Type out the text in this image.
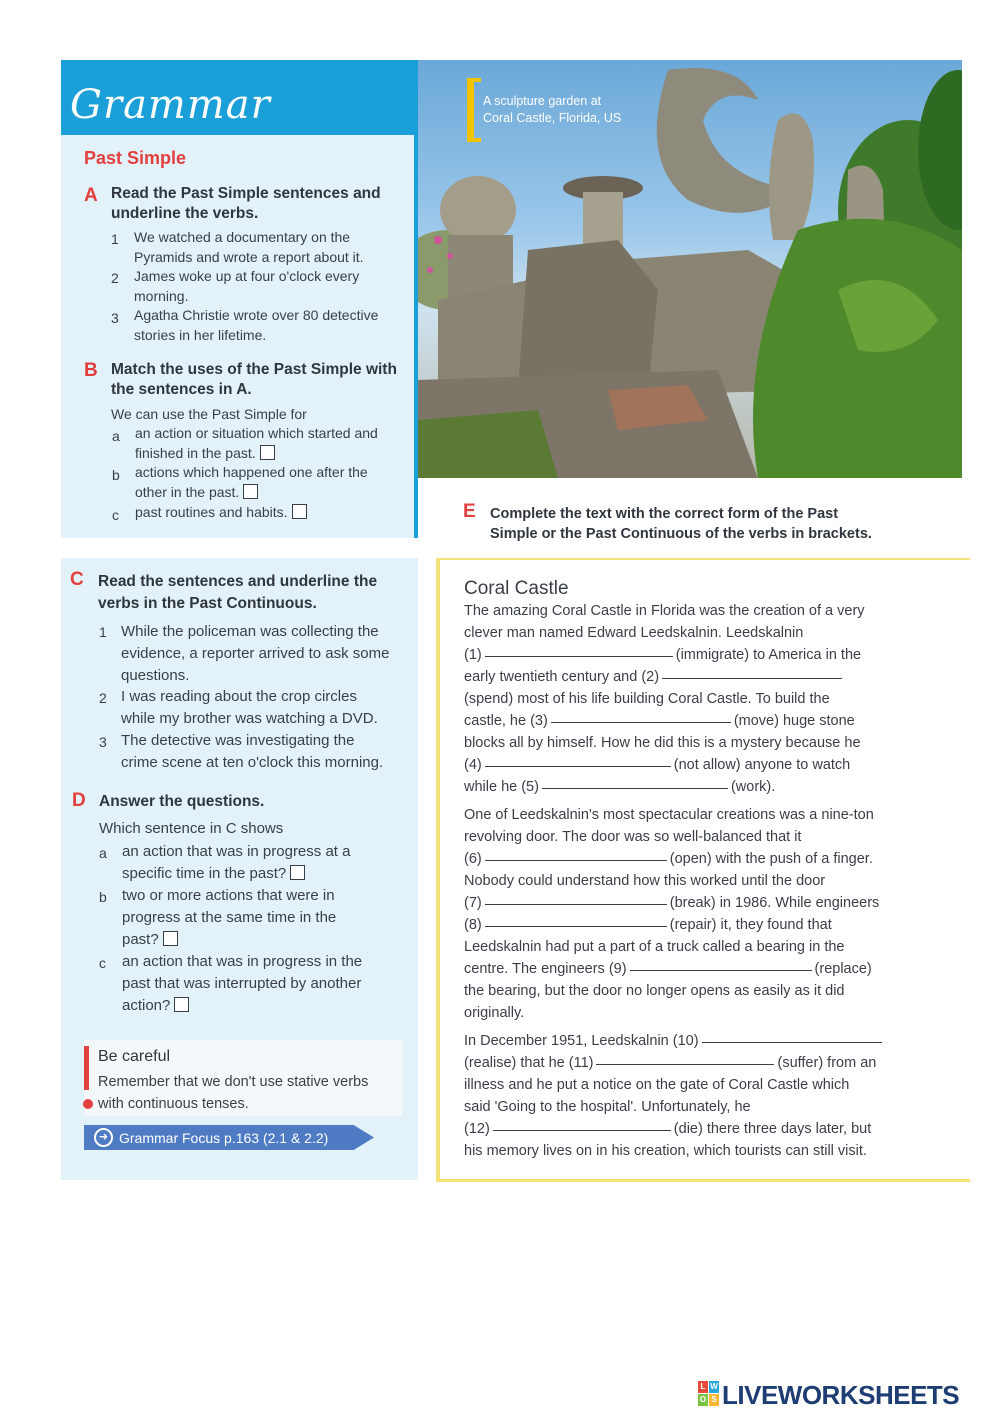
Grammar
Past Simple
A Read the Past Simple sentences and
underline the verbs.
1 We watched a documentary on the
Pyramids and wrote a report about it.
2 James woke up at four o'clock every
morning.
3 Agatha Christie wrote over 80 detective
stories in her lifetime.
B Match the uses of the Past Simple with
the sentences in A.
We can use the Past Simple for
a an action or situation which started and
finished in the past.
b actions which happened one after the
other in the past.
c past routines and habits.
A sculpture garden at
Coral Castle, Florida, US
E Complete the text with the correct form of the Past
Simple or the Past Continuous of the verbs in brackets.
C Read the sentences and underline the
verbs in the Past Continuous.
1 While the policeman was collecting the
evidence, a reporter arrived to ask some
questions.
2 I was reading about the crop circles
while my brother was watching a DVD.
3 The detective was investigating the
crime scene at ten o'clock this morning.
D Answer the questions.
Which sentence in C shows
a an action that was in progress at a
specific time in the past?
b two or more actions that were in
progress at the same time in the
past?
c an action that was in progress in the
past that was interrupted by another
action?
Be careful
Remember that we don't use stative verbs
with continuous tenses.
➜ Grammar Focus p.163 (2.1 & 2.2)
Coral Castle
The amazing Coral Castle in Florida was the creation of a very
clever man named Edward Leedskalnin. Leedskalnin
(1)	(immigrate) to America in the
early twentieth century and (2)
(spend) most of his life building Coral Castle. To build the
castle, he (3)	(move) huge stone
blocks all by himself. How he did this is a mystery because he
(4)	(not allow) anyone to watch
while he (5)	(work).
One of Leedskalnin's most spectacular creations was a nine-ton
revolving door. The door was so well-balanced that it
(6)	(open) with the push of a finger.
Nobody could understand how this worked until the door
(7)	(break) in 1986. While engineers
(8)	(repair) it, they found that
Leedskalnin had put a part of a truck called a bearing in the
centre. The engineers (9)	(replace)
the bearing, but the door no longer opens as easily as it did
originally.
In December 1951, Leedskalnin (10)
(realise) that he (11)	(suffer) from an
illness and he put a notice on the gate of Coral Castle which
said 'Going to the hospital'. Unfortunately, he
(12)	(die) there three days later, but
his memory lives on in his creation, which tourists can still visit.
L W
O S LIVEWORKSHEETS
